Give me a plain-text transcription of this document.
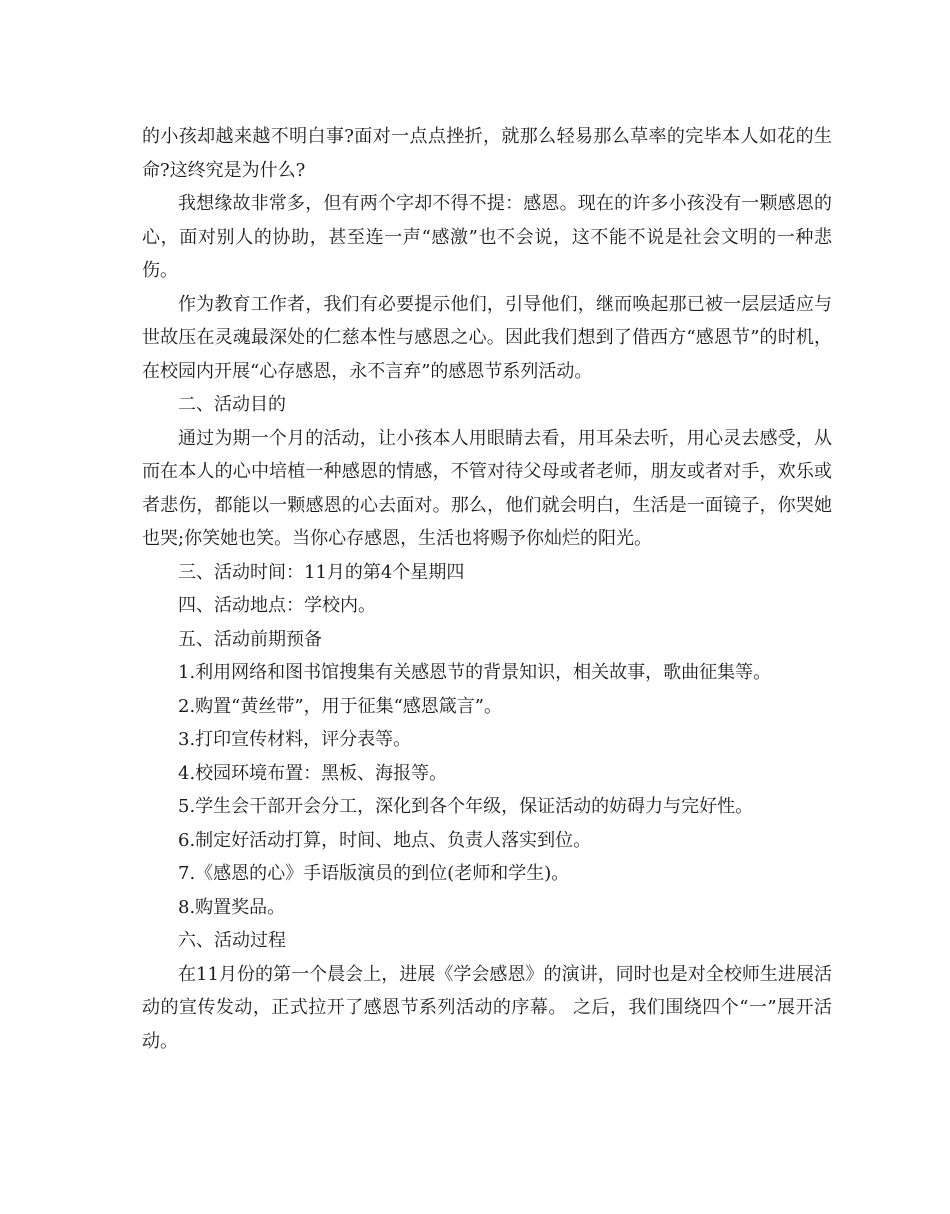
的小孩却越来越不明白事?面对一点点挫折，就那么轻易那么草率的完毕本人如花的生命?这终究是为什么?

我想缘故非常多，但有两个字却不得不提：感恩。现在的许多小孩没有一颗感恩的心，面对别人的协助，甚至连一声“感激”也不会说，这不能不说是社会文明的一种悲伤。

作为教育工作者，我们有必要提示他们，引导他们，继而唤起那已被一层层适应与世故压在灵魂最深处的仁慈本性与感恩之心。因此我们想到了借西方“感恩节”的时机，在校园内开展“心存感恩，永不言弃”的感恩节系列活动。

二、活动目的

通过为期一个月的活动，让小孩本人用眼睛去看，用耳朵去听，用心灵去感受，从而在本人的心中培植一种感恩的情感，不管对待父母或者老师，朋友或者对手，欢乐或者悲伤，都能以一颗感恩的心去面对。那么，他们就会明白，生活是一面镜子，你哭她也哭;你笑她也笑。当你心存感恩，生活也将赐予你灿烂的阳光。

三、活动时间：11月的第4个星期四

四、活动地点：学校内。

五、活动前期预备

1.利用网络和图书馆搜集有关感恩节的背景知识，相关故事，歌曲征集等。

2.购置“黄丝带”，用于征集“感恩箴言”。

3.打印宣传材料，评分表等。

4.校园环境布置：黑板、海报等。

5.学生会干部开会分工，深化到各个年级，保证活动的妨碍力与完好性。

6.制定好活动打算，时间、地点、负责人落实到位。

7.《感恩的心》手语版演员的到位(老师和学生)。

8.购置奖品。

六、活动过程

在11月份的第一个晨会上，进展《学会感恩》的演讲，同时也是对全校师生进展活动的宣传发动，正式拉开了感恩节系列活动的序幕。 之后，我们围绕四个“一”展开活动。
